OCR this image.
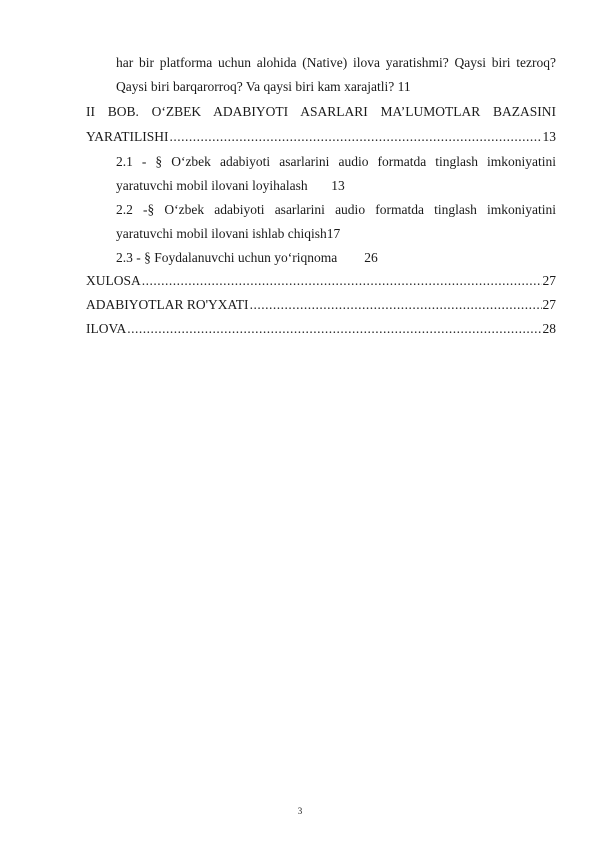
har bir platforma uchun alohida (Native) ilova yaratishmi? Qaysi biri tezroq?
Qaysi biri barqarorroq? Va qaysi biri kam xarajatli? 11
II BOB. O‘ZBEK ADABIYOTI ASARLARI MA’LUMOTLAR BAZASINI
YARATILISHI .....	13
2.1 - § O‘zbek adabiyoti asarlarini audio formatda tinglash imkoniyatini
yaratuvchi mobil ilovani loyihalash       13
2.2 -§ O‘zbek adabiyoti asarlarini audio formatda tinglash imkoniyatini
yaratuvchi mobil ilovani ishlab chiqish17
2.3 - § Foydalanuvchi uchun yo‘riqnoma        26
XULOSA .....	27
ADABIYOTLAR RO'YXATI .....	27
ILOVA .....	28
3
